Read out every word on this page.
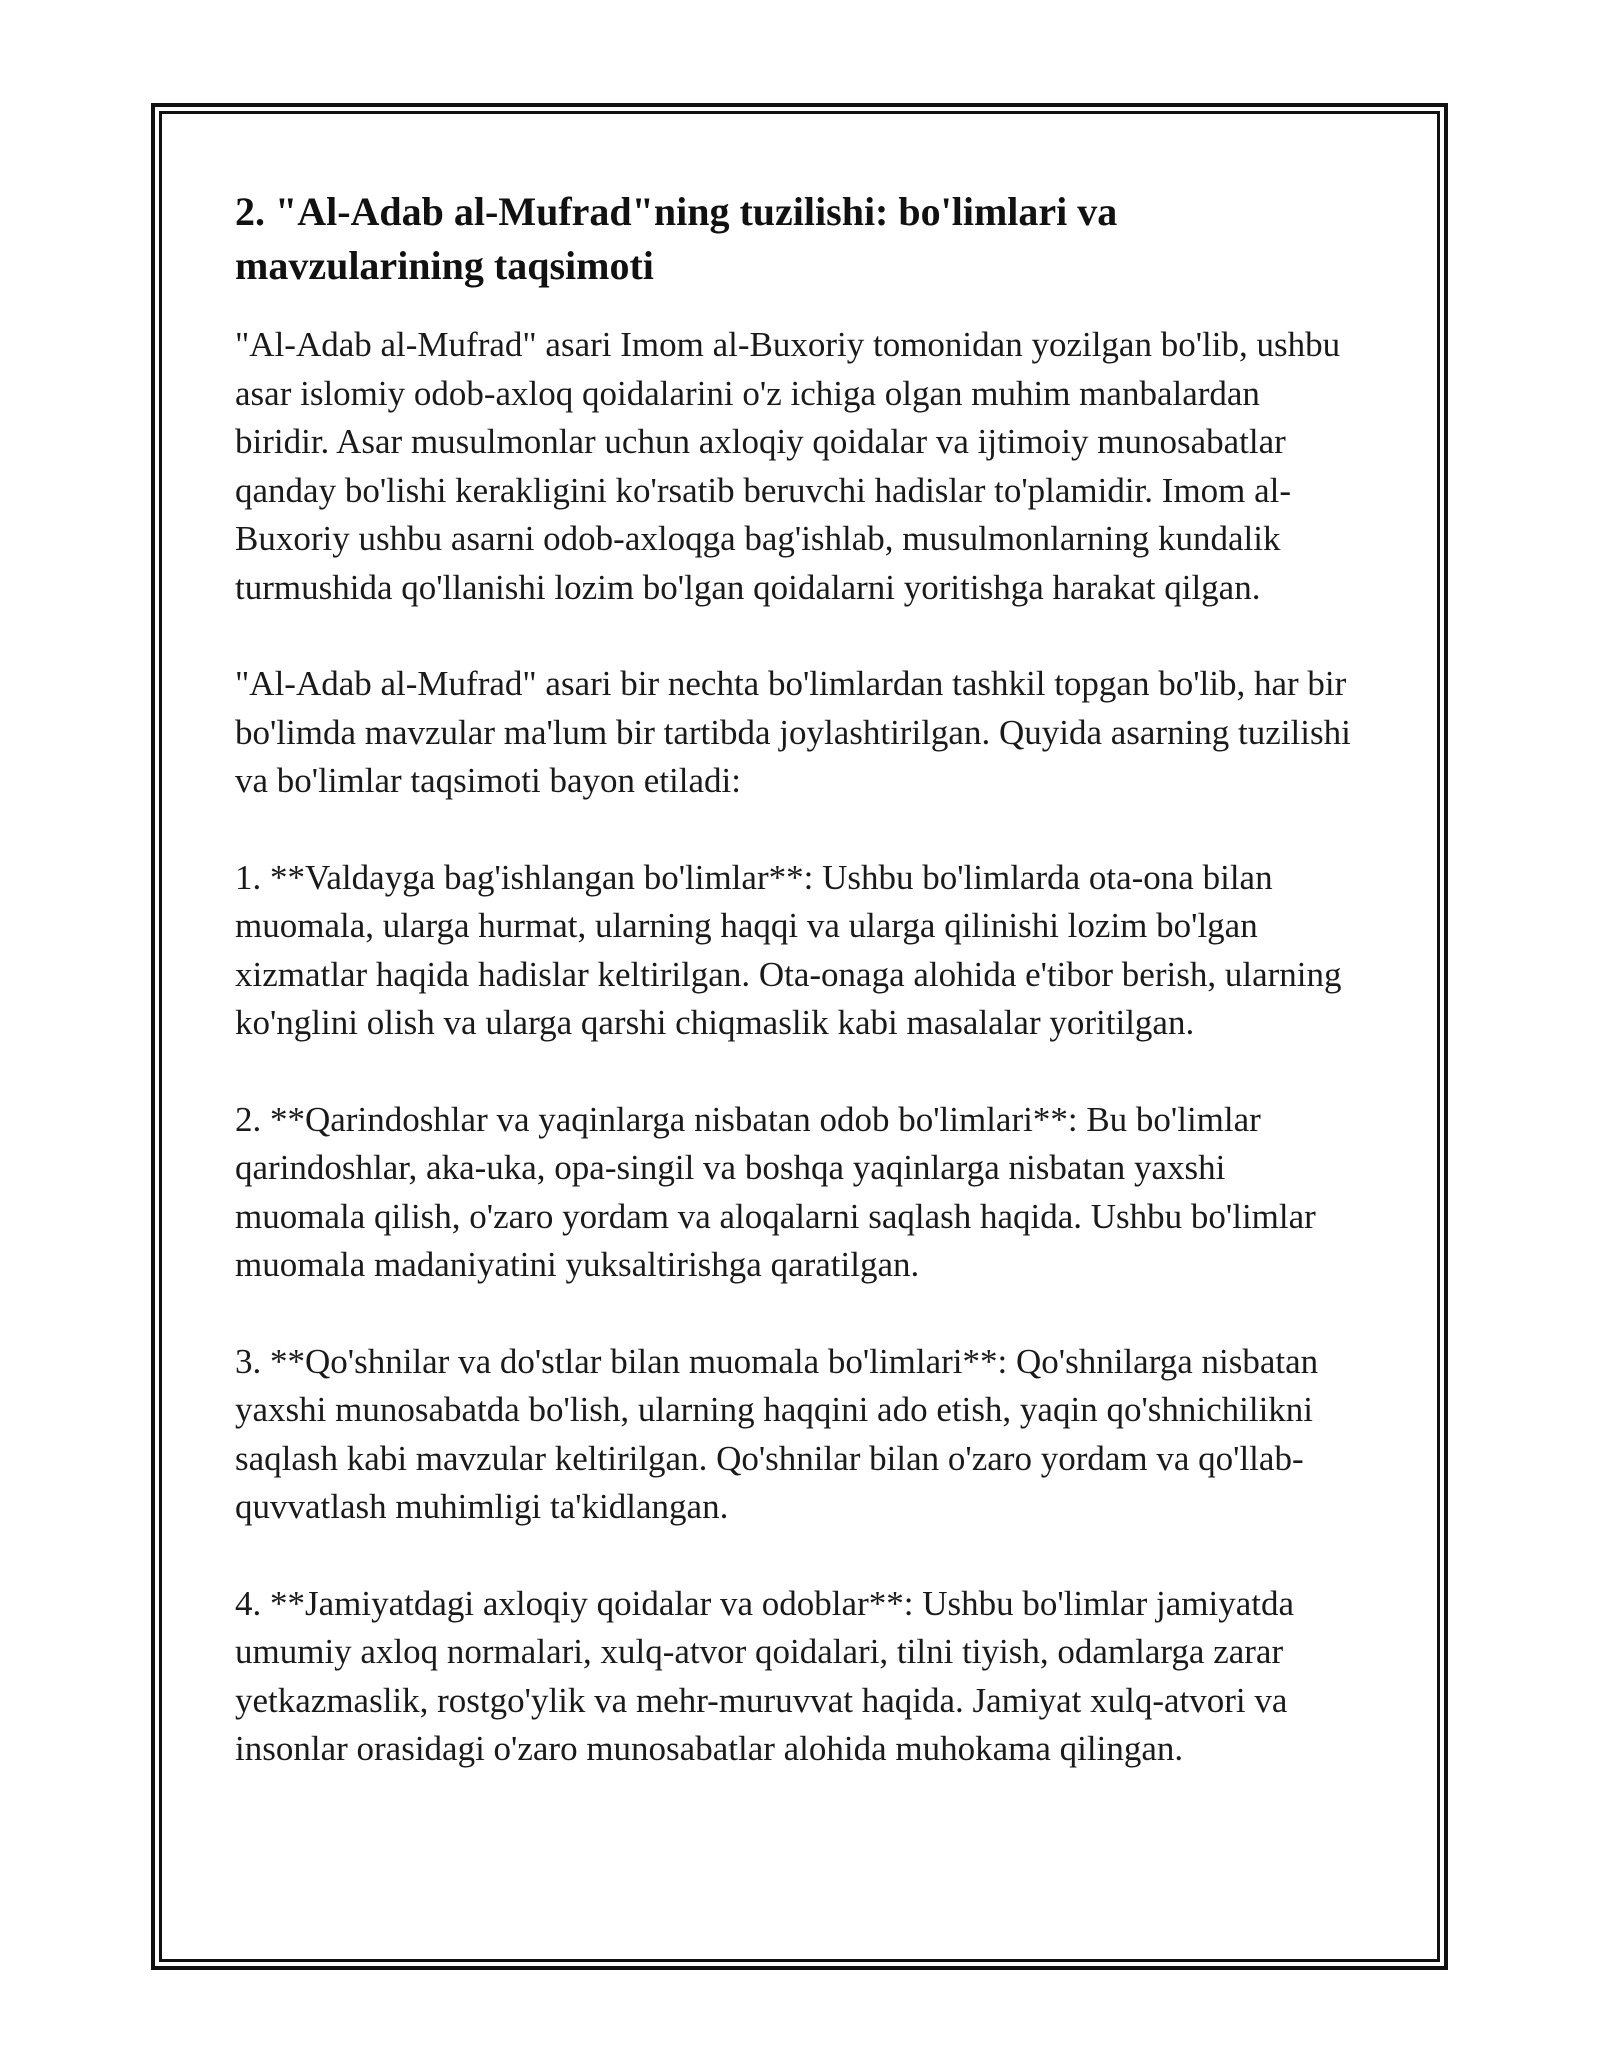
2. "Al-Adab al-Mufrad"ning tuzilishi: bo'limlari va mavzularining taqsimoti

"Al-Adab al-Mufrad" asari Imom al-Buxoriy tomonidan yozilgan bo'lib, ushbu asar islomiy odob-axloq qoidalarini o'z ichiga olgan muhim manbalardan biridir. Asar musulmonlar uchun axloqiy qoidalar va ijtimoiy munosabatlar qanday bo'lishi kerakligini ko'rsatib beruvchi hadislar to'plamidir. Imom al-Buxoriy ushbu asarni odob-axloqga bag'ishlab, musulmonlarning kundalik turmushida qo'llanishi lozim bo'lgan qoidalarni yoritishga harakat qilgan.

"Al-Adab al-Mufrad" asari bir nechta bo'limlardan tashkil topgan bo'lib, har bir bo'limda mavzular ma'lum bir tartibda joylashtirilgan. Quyida asarning tuzilishi va bo'limlar taqsimoti bayon etiladi:

1. **Valdayga bag'ishlangan bo'limlar**: Ushbu bo'limlarda ota-ona bilan muomala, ularga hurmat, ularning haqqi va ularga qilinishi lozim bo'lgan xizmatlar haqida hadislar keltirilgan. Ota-onaga alohida e'tibor berish, ularning ko'nglini olish va ularga qarshi chiqmaslik kabi masalalar yoritilgan.

2. **Qarindoshlar va yaqinlarga nisbatan odob bo'limlari**: Bu bo'limlar qarindoshlar, aka-uka, opa-singil va boshqa yaqinlarga nisbatan yaxshi muomala qilish, o'zaro yordam va aloqalarni saqlash haqida. Ushbu bo'limlar muomala madaniyatini yuksaltirishga qaratilgan.

3. **Qo'shnilar va do'stlar bilan muomala bo'limlari**: Qo'shnilarga nisbatan yaxshi munosabatda bo'lish, ularning haqqini ado etish, yaqin qo'shnichilikni saqlash kabi mavzular keltirilgan. Qo'shnilar bilan o'zaro yordam va qo'llab-quvvatlash muhimligi ta'kidlangan.

4. **Jamiyatdagi axloqiy qoidalar va odoblar**: Ushbu bo'limlar jamiyatda umumiy axloq normalari, xulq-atvor qoidalari, tilni tiyish, odamlarga zarar yetkazmaslik, rostgo'ylik va mehr-muruvvat haqida. Jamiyat xulq-atvori va insonlar orasidagi o'zaro munosabatlar alohida muhokama qilingan.
